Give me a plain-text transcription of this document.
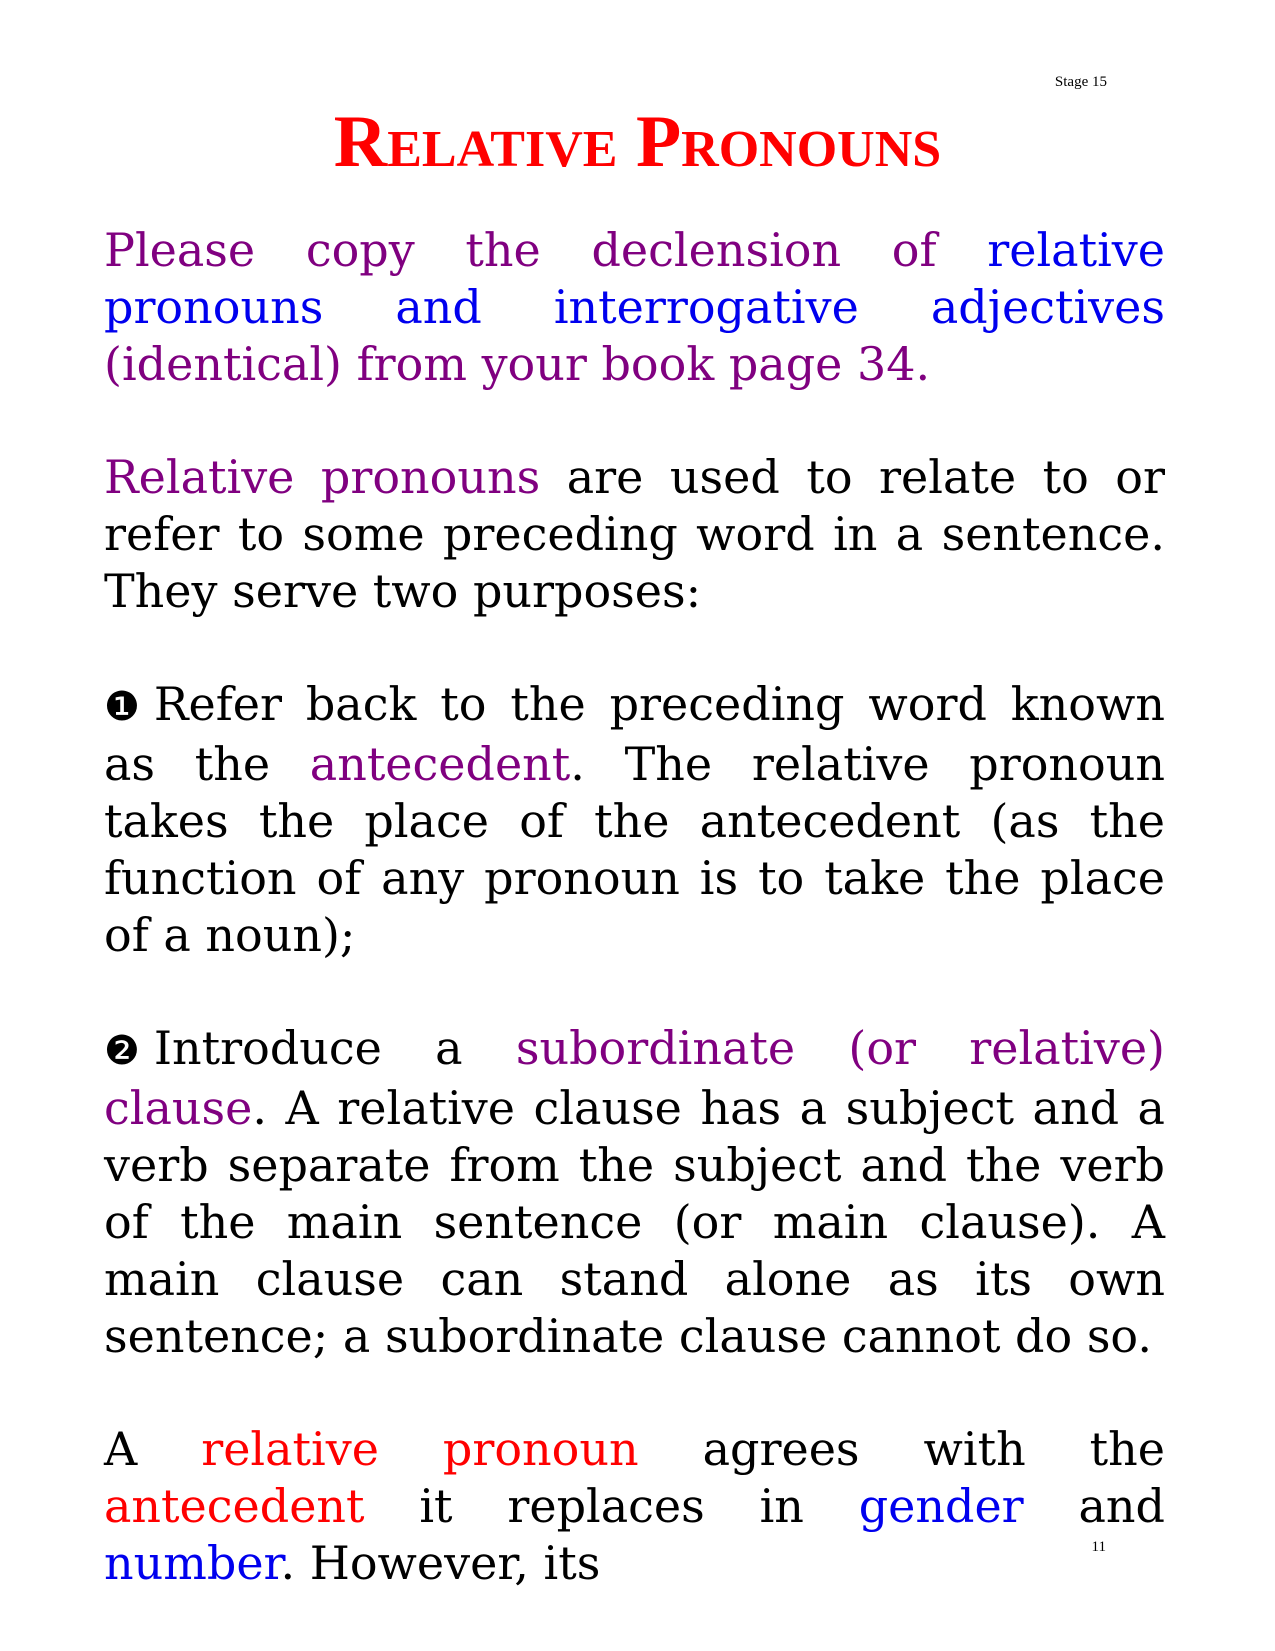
Stage 15
Relative Pronouns

Please copy the declension of relative pronouns and interrogative adjectives (identical) from your book page 34.

Relative pronouns are used to relate to or refer to some preceding word in a sentence. They serve two purposes:

❶ Refer back to the preceding word known as the antecedent. The relative pronoun takes the place of the antecedent (as the function of any pronoun is to take the place of a noun);

❷ Introduce a subordinate (or relative) clause. A relative clause has a subject and a verb separate from the subject and the verb of the main sentence (or main clause). A main clause can stand alone as its own sentence; a subordinate clause cannot do so.

A relative pronoun agrees with the antecedent it replaces in gender and number. However, its	11
